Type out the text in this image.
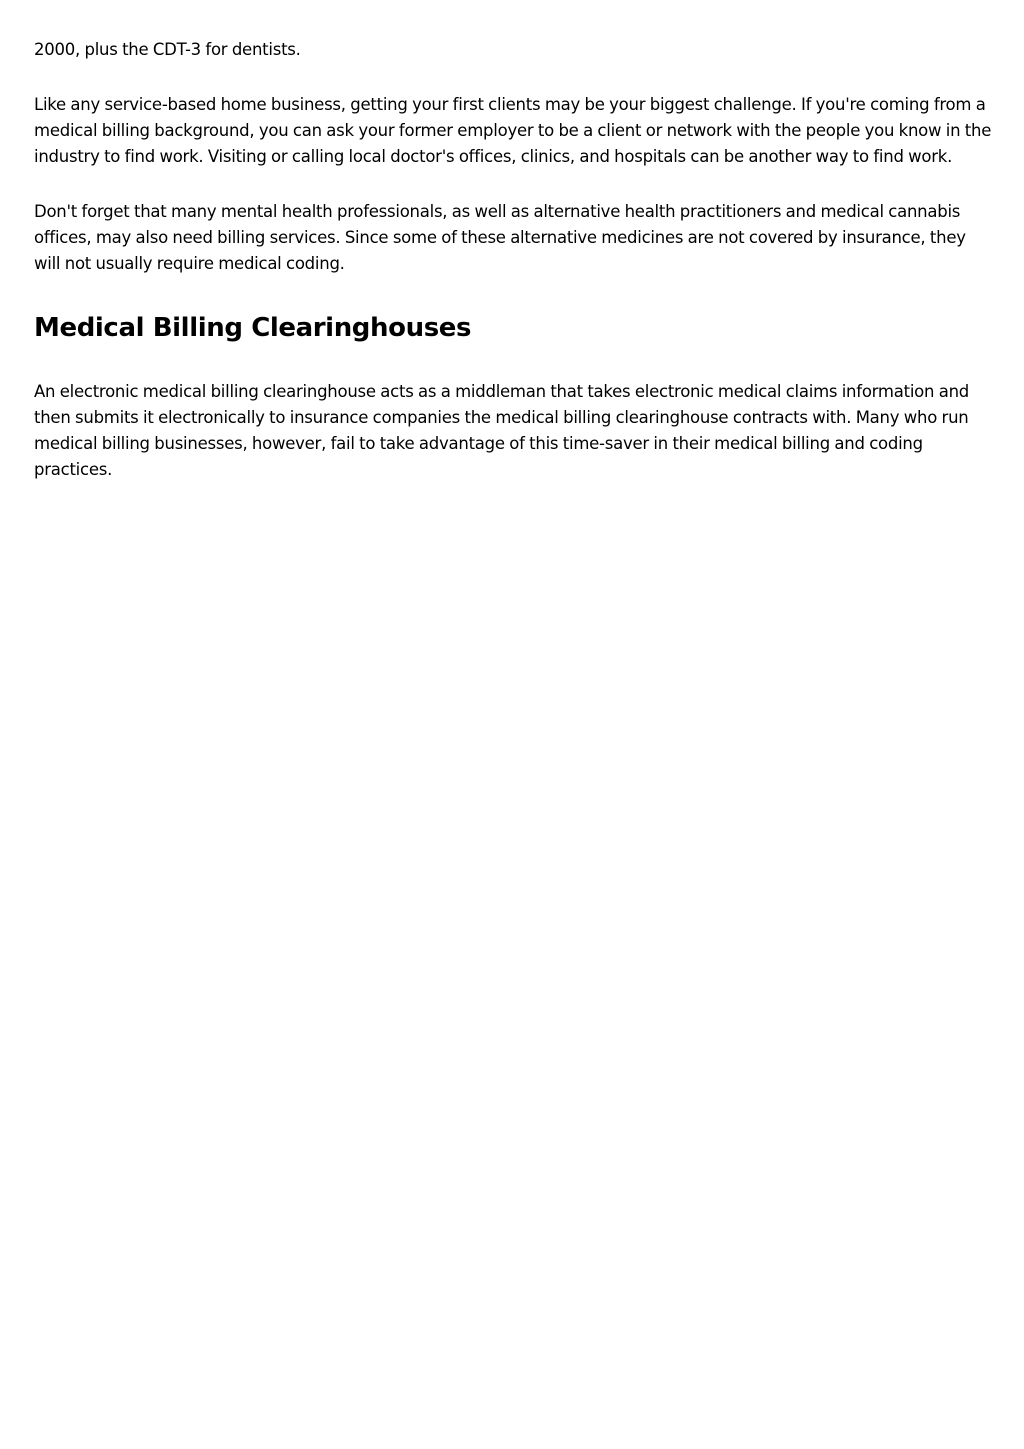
2000, plus the CDT-3 for dentists.

Like any service-based home business, getting your first clients may be your biggest challenge. If you're coming from a medical billing background, you can ask your former employer to be a client or network with the people you know in the industry to find work. Visiting or calling local doctor's offices, clinics, and hospitals can be another way to find work.

Don't forget that many mental health professionals, as well as alternative health practitioners and medical cannabis offices, may also need billing services. Since some of these alternative medicines are not covered by insurance, they will not usually require medical coding.

Medical Billing Clearinghouses

An electronic medical billing clearinghouse acts as a middleman that takes electronic medical claims information and then submits it electronically to insurance companies the medical billing clearinghouse contracts with. Many who run medical billing businesses, however, fail to take advantage of this time-saver in their medical billing and coding practices.
